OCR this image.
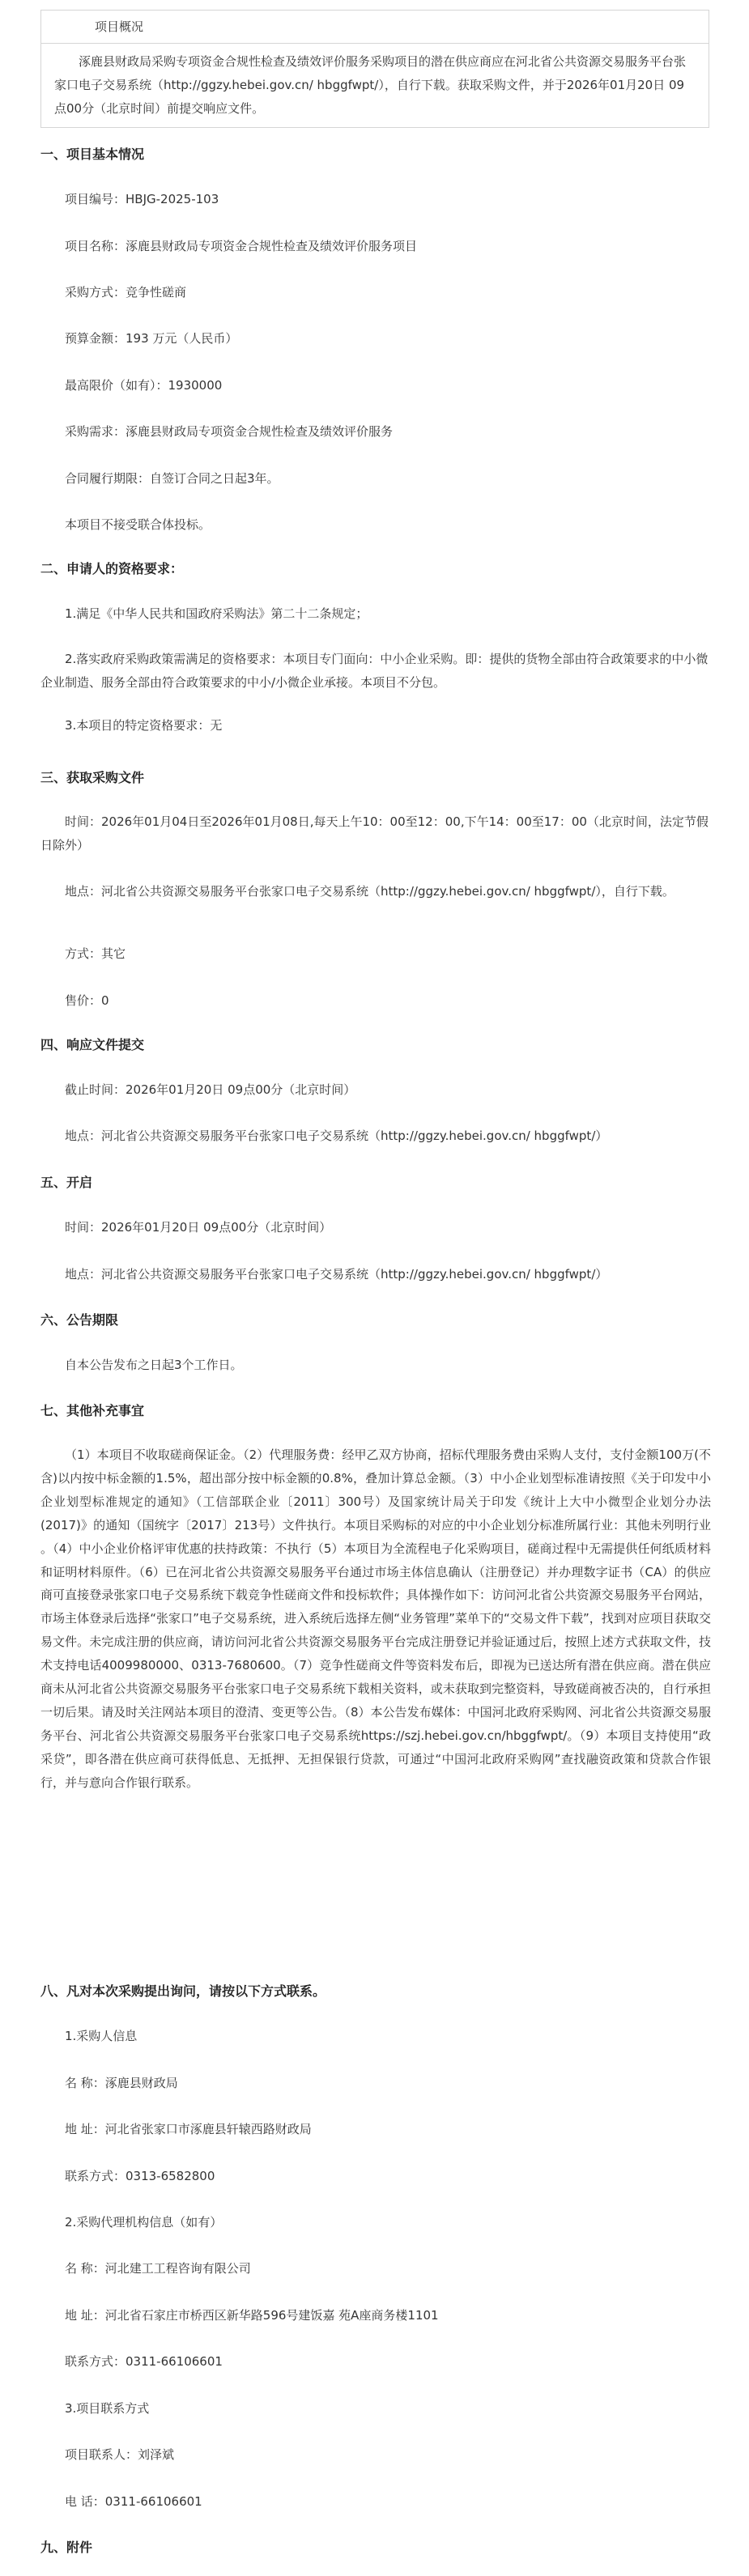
项目概况
涿鹿县财政局采购专项资金合规性检查及绩效评价服务采购项目的潜在供应商应在河北省公共资源交易服务平台张家口电子交易系统（http://ggzy.hebei.gov.cn/ hbggfwpt/），自行下载。获取采购文件，并于2026年01月20日 09点00分（北京时间）前提交响应文件。
一、项目基本情况
项目编号：HBJG-2025-103
项目名称：涿鹿县财政局专项资金合规性检查及绩效评价服务项目
采购方式：竞争性磋商
预算金额：193 万元（人民币）
最高限价（如有）：1930000
采购需求：涿鹿县财政局专项资金合规性检查及绩效评价服务
合同履行期限：自签订合同之日起3年。
本项目不接受联合体投标。
二、申请人的资格要求：
1.满足《中华人民共和国政府采购法》第二十二条规定；
2.落实政府采购政策需满足的资格要求：本项目专门面向：中小企业采购。即：提供的货物全部由符合政策要求的中小微企业制造、服务全部由符合政策要求的中小/小微企业承接。本项目不分包。
3.本项目的特定资格要求：无
三、获取采购文件
时间：2026年01月04日至2026年01月08日,每天上午10：00至12：00,下午14：00至17：00（北京时间，法定节假日除外）
地点：河北省公共资源交易服务平台张家口电子交易系统（http://ggzy.hebei.gov.cn/ hbggfwpt/），自行下载。
方式：其它
售价：0
四、响应文件提交
截止时间：2026年01月20日 09点00分（北京时间）
地点：河北省公共资源交易服务平台张家口电子交易系统（http://ggzy.hebei.gov.cn/ hbggfwpt/）
五、开启
时间：2026年01月20日 09点00分（北京时间）
地点：河北省公共资源交易服务平台张家口电子交易系统（http://ggzy.hebei.gov.cn/ hbggfwpt/）
六、公告期限
自本公告发布之日起3个工作日。
七、其他补充事宜
（1）本项目不收取磋商保证金。（2）代理服务费：经甲乙双方协商，招标代理服务费由采购人支付，支付金额100万(不含)以内按中标金额的1.5%，超出部分按中标金额的0.8%，叠加计算总金额。（3）中小企业划型标准请按照《关于印发中小企业划型标准规定的通知》（工信部联企业〔2011〕300号）及国家统计局关于印发《统计上大中小微型企业划分办法(2017)》的通知（国统字〔2017〕213号）文件执行。本项目采购标的对应的中小企业划分标准所属行业：其他未列明行业 。（4）中小企业价格评审优惠的扶持政策：不执行（5）本项目为全流程电子化采购项目，磋商过程中无需提供任何纸质材料和证明材料原件。（6）已在河北省公共资源交易服务平台通过市场主体信息确认（注册登记）并办理数字证书（CA）的供应商可直接登录张家口电子交易系统下载竞争性磋商文件和投标软件；具体操作如下：访问河北省公共资源交易服务平台网站，市场主体登录后选择“张家口”电子交易系统，进入系统后选择左侧“业务管理”菜单下的“交易文件下载”，找到对应项目获取交易文件。未完成注册的供应商，请访问河北省公共资源交易服务平台完成注册登记并验证通过后，按照上述方式获取文件，技术支持电话4009980000、0313-7680600。（7）竞争性磋商文件等资料发布后，即视为已送达所有潜在供应商。潜在供应商未从河北省公共资源交易服务平台张家口电子交易系统下载相关资料，或未获取到完整资料，导致磋商被否决的，自行承担一切后果。请及时关注网站本项目的澄清、变更等公告。（8）本公告发布媒体：中国河北政府采购网、河北省公共资源交易服务平台、河北省公共资源交易服务平台张家口电子交易系统https://szj.hebei.gov.cn/hbggfwpt/。（9）本项目支持使用“政采贷”，即各潜在供应商可获得低息、无抵押、无担保银行贷款，可通过“中国河北政府采购网”查找融资政策和贷款合作银行，并与意向合作银行联系。
八、凡对本次采购提出询问，请按以下方式联系。
1.采购人信息
名 称：涿鹿县财政局
地 址：河北省张家口市涿鹿县轩辕西路财政局
联系方式：0313-6582800
2.采购代理机构信息（如有）
名 称：河北建工工程咨询有限公司
地 址：河北省石家庄市桥西区新华路596号建饭嘉 苑A座商务楼1101
联系方式：0311-66106601
3.项目联系方式
项目联系人：刘泽斌
电 话：0311-66106601
九、附件
